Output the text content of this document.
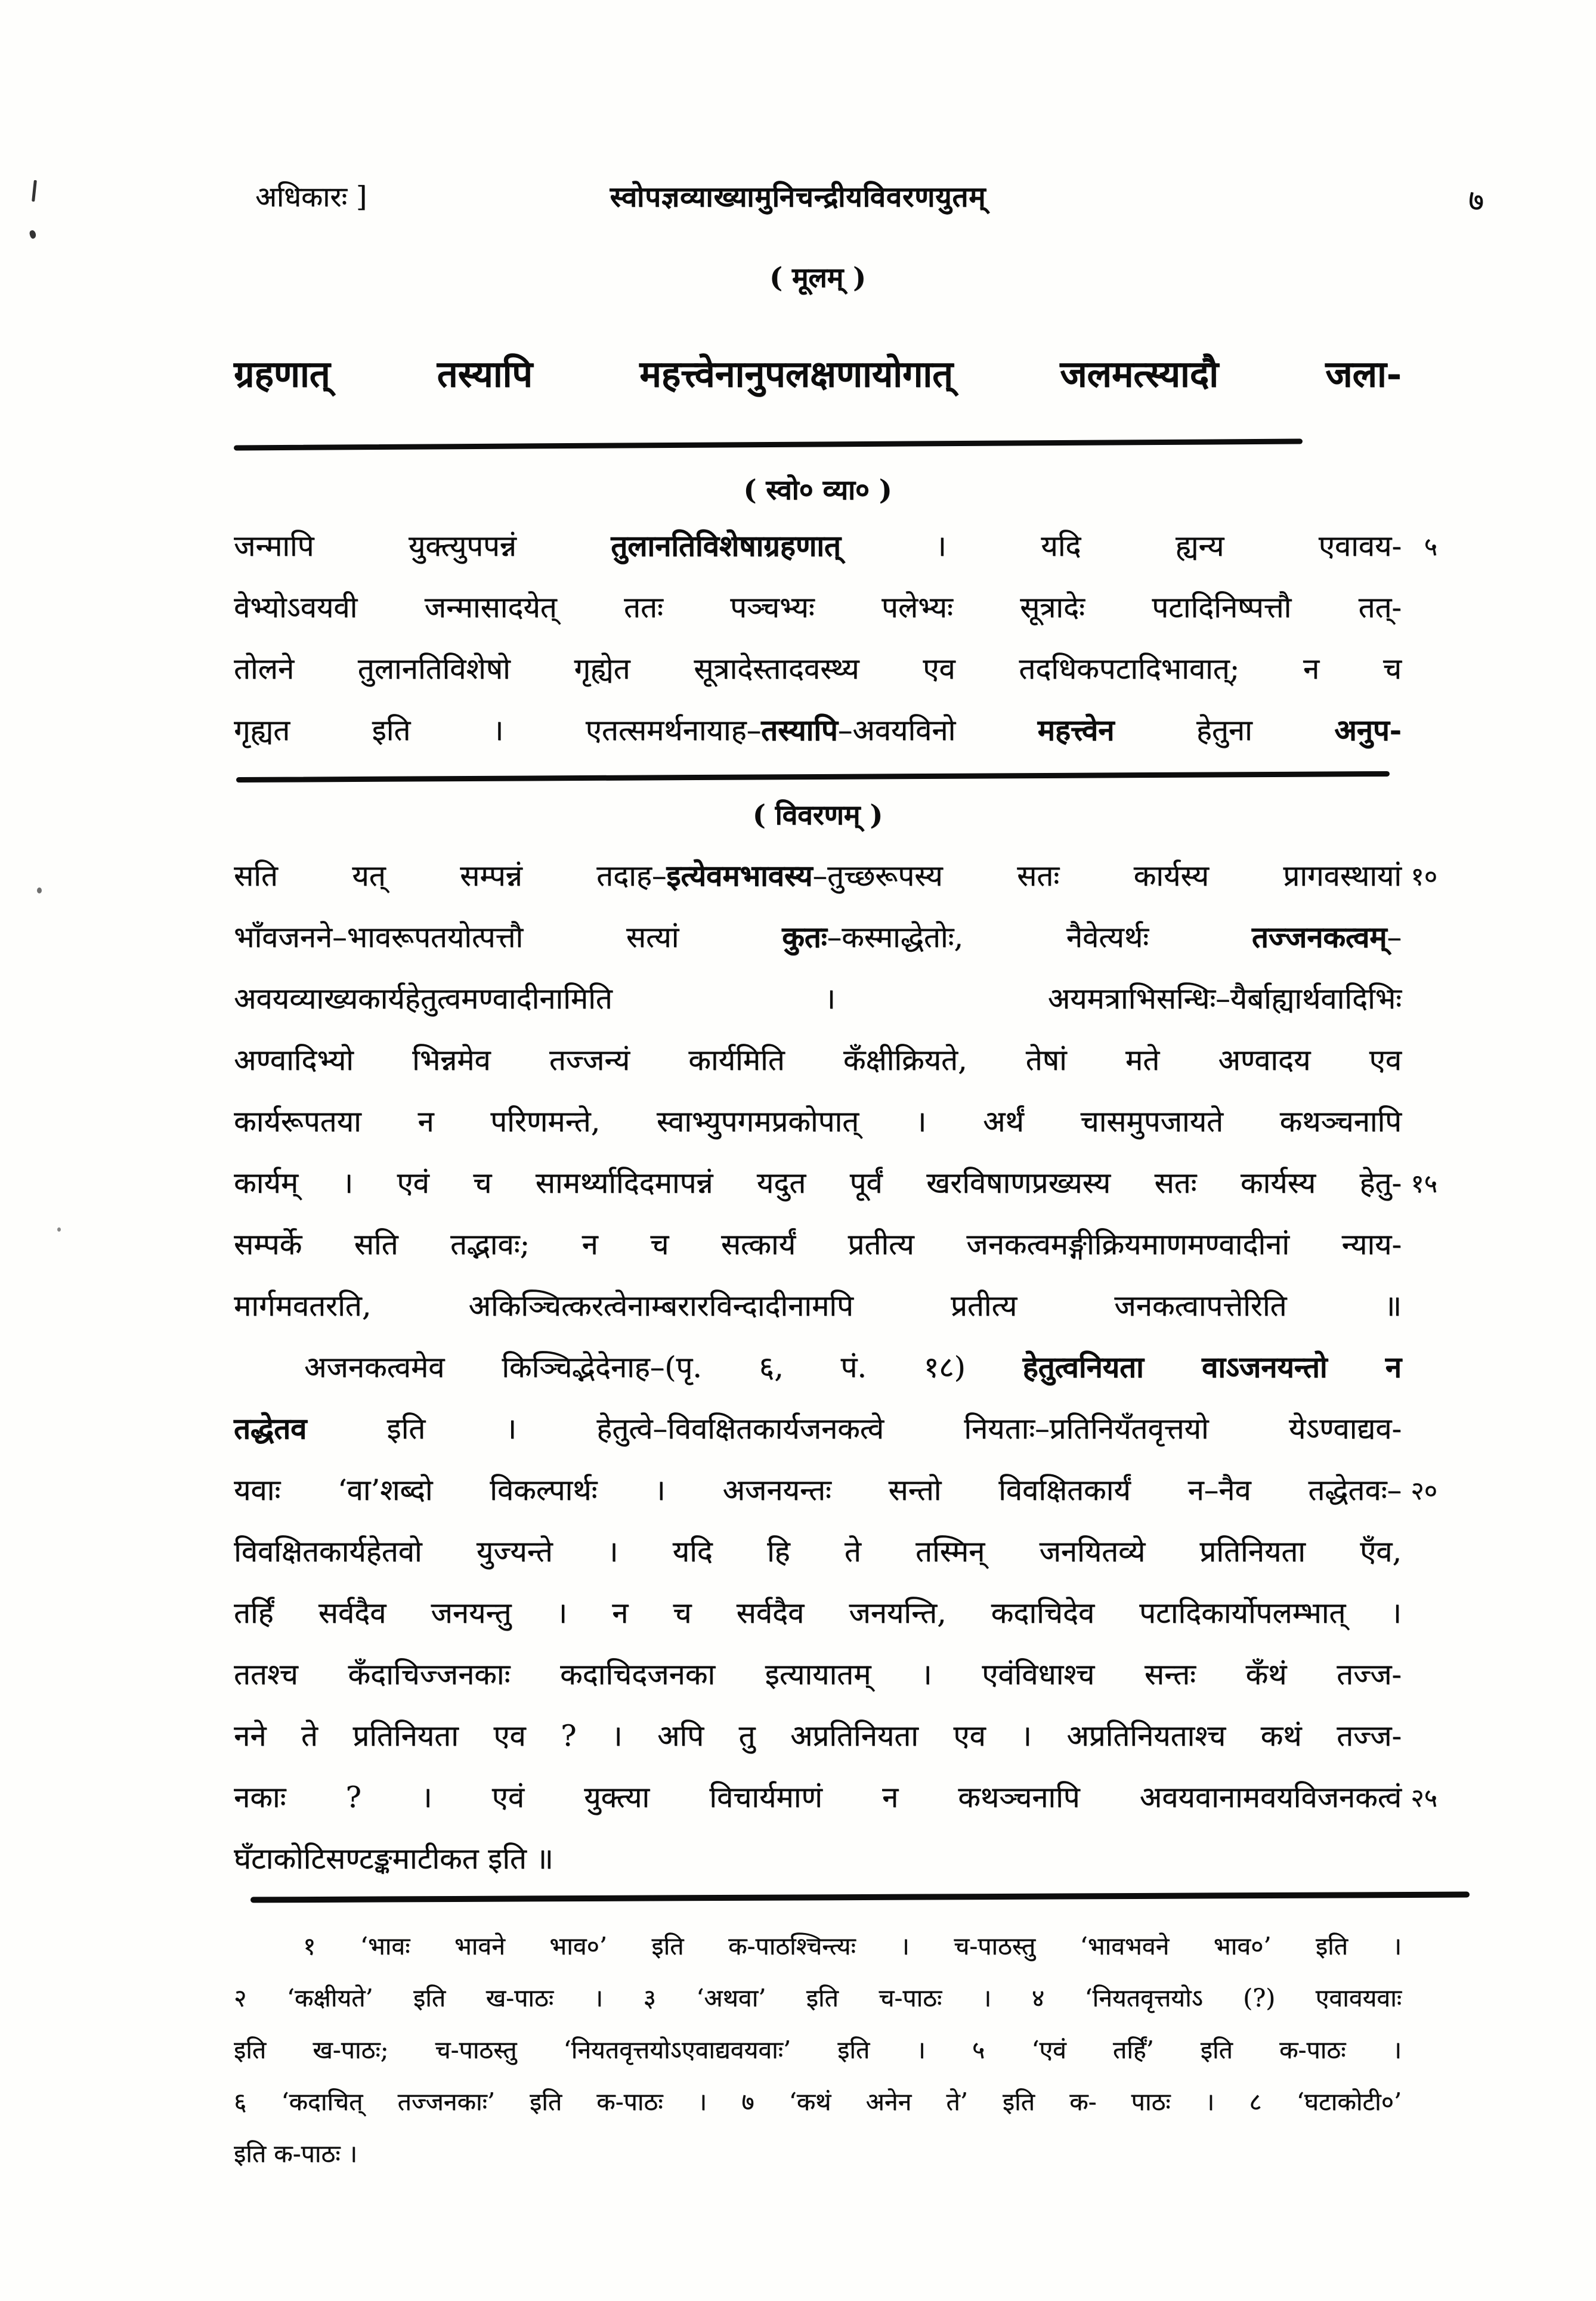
अधिकारः ]	स्वोपज्ञव्याख्यामुनिचन्द्रीयविवरणयुतम्	७
( मूलम् )
ग्रहणात् तस्यापि महत्त्वेनानुपलक्षणायोगात् जलमत्स्यादौ जला-
( स्वो० व्या० )
जन्मापि युक्त्युपपन्नं तुलानतिविशेषाग्रहणात् । यदि ह्यन्य एवावय- ५
वेभ्योऽवयवी जन्मासादयेत् ततः पञ्चभ्यः पलेभ्यः सूत्रादेः पटादिनिष्पत्तौ तत्-
तोलने तुलानतिविशेषो गृह्येत सूत्रादेस्तादवस्थ्य एव तदधिकपटादिभावात्; न च
गृह्यत इति । एतत्समर्थनायाह–तस्यापि–अवयविनो महत्त्वेन हेतुना अनुप-
( विवरणम् )
सति यत् सम्पन्नं तदाह–इत्येवमभावस्य–तुच्छरूपस्य सतः कार्यस्य प्रागवस्थायां १०
भाँवजनने–भावरूपतयोत्पत्तौ सत्यां कुतः–कस्माद्धेतोः, नैवेत्यर्थः तज्जनकत्वम्–
अवयव्याख्यकार्यहेतुत्वमण्वादीनामिति । अयमत्राभिसन्धिः–यैर्बाह्यार्थवादिभिः
अण्वादिभ्यो भिन्नमेव तज्जन्यं कार्यमिति कँक्षीक्रियते, तेषां मते अण्वादय एव
कार्यरूपतया न परिणमन्ते, स्वाभ्युपगमप्रकोपात् । अर्थं चासमुपजायते कथञ्चनापि
कार्यम् । एवं च सामर्थ्यादिदमापन्नं यदुत पूर्वं खरविषाणप्रख्यस्य सतः कार्यस्य हेतु- १५
सम्पर्के सति तद्भावः; न च सत्कार्यं प्रतीत्य जनकत्वमङ्गीक्रियमाणमण्वादीनां न्याय-
मार्गमवतरति, अकिञ्चित्करत्वेनाम्बरारविन्दादीनामपि प्रतीत्य जनकत्वापत्तेरिति ॥
अजनकत्वमेव किञ्चिद्भेदेनाह–(पृ. ६, पं. १८) हेतुत्वनियता वाऽजनयन्तो न
तद्धेतव इति । हेतुत्वे–विवक्षितकार्यजनकत्वे नियताः–प्रतिनियँतवृत्तयो येऽण्वाद्यव-
यवाः ‘वा’शब्दो विकल्पार्थः । अजनयन्तः सन्तो विवक्षितकार्यं न–नैव तद्धेतवः– २०
विवक्षितकार्यहेतवो युज्यन्ते । यदि हि ते तस्मिन् जनयितव्ये प्रतिनियता एँव,
तर्हिं सर्वदैव जनयन्तु । न च सर्वदैव जनयन्ति, कदाचिदेव पटादिकार्योपलम्भात् ।
ततश्च कँदाचिज्जनकाः कदाचिदजनका इत्यायातम् । एवंविधाश्च सन्तः कँथं तज्ज-
नने ते प्रतिनियता एव ? । अपि तु अप्रतिनियता एव । अप्रतिनियताश्च कथं तज्ज-
नकाः ? । एवं युक्त्या विचार्यमाणं न कथञ्चनापि अवयवानामवयविजनकत्वं २५
घँटाकोटिसण्टङ्कमाटीकत इति ॥
१ ‘भावः भावने भाव०’ इति क-पाठश्चिन्त्यः । च-पाठस्तु ‘भावभवने भाव०’ इति ।
२ ‘कक्षीयते’ इति ख-पाठः । ३ ‘अथवा’ इति च-पाठः । ४ ‘नियतवृत्तयोऽ (?) एवावयवाः
इति ख-पाठः; च-पाठस्तु ‘नियतवृत्तयोऽएवाद्यवयवाः’ इति । ५ ‘एवं तर्हिं’ इति क-पाठः ।
६ ‘कदाचित् तज्जनकाः’ इति क-पाठः । ७ ‘कथं अनेन ते’ इति क- पाठः । ८ ‘घटाकोटी०’
इति क-पाठः ।
